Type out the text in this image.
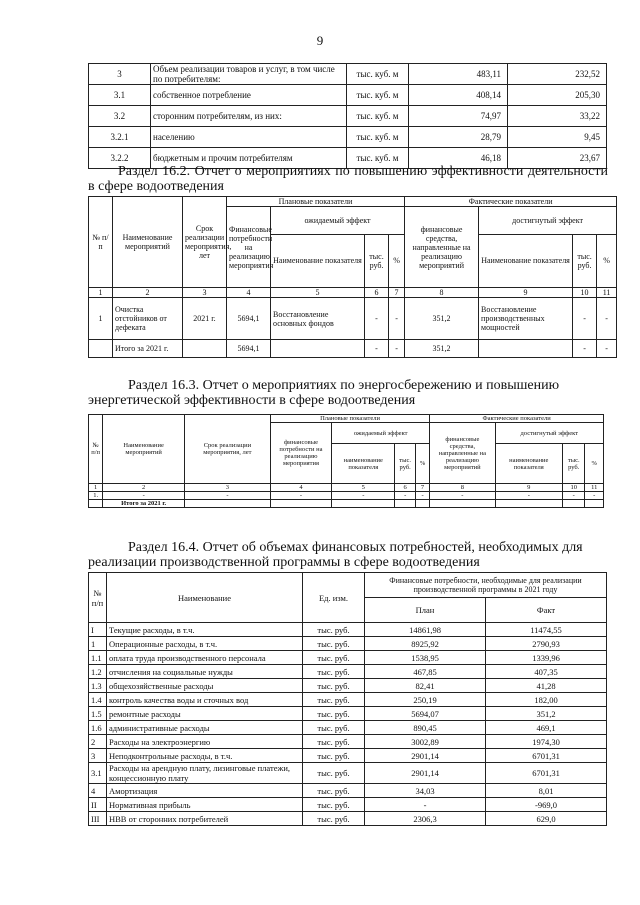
9
3	Объем реализации товаров и услуг, в том числе по потребителям:	тыс. куб. м	483,11	232,52
3.1	собственное потребление	тыс. куб. м	408,14	205,30
3.2	сторонним потребителям, из них:	тыс. куб. м	74,97	33,22
3.2.1	населению	тыс. куб. м	28,79	9,45
3.2.2	бюджетным и прочим потребителям	тыс. куб. м	46,18	23,67
Раздел 16.2. Отчет о мероприятиях по повышению эффективности деятельности в сфере водоотведения
№ п/п	Наименование мероприятий	Срок реализации мероприятия, лет	Плановые показатели				Фактические показатели			
			Финансовые потребности на реализацию мероприятия	ожидаемый эффект			финансовые средства, направленные на реализацию мероприятий	достигнутый эффект		
				Наименование показателя	тыс. руб.	%		Наименование показателя	тыс. руб.	%
1	2	3	4	5	6	7	8	9	10	11
1	Очистка отстойников от дефеката	2021 г.	5694,1	Восстановление основных фондов	-	-	351,2	Восстановление производственных мощностей	-	-
	Итого за 2021 г.		5694,1		-	-	351,2		-	-
Раздел 16.3. Отчет о мероприятиях по энергосбережению и повышению энергетической эффективности в сфере водоотведения
№ п/п	Наименование мероприятий	Срок реализации мероприятия, лет	Плановые показатели				Фактические показатели			
			финансовые потребности на реализацию мероприятия	ожидаемый эффект			финансовые средства, направленные на реализацию мероприятий	достигнутый эффект		
				наименование показателя	тыс. руб.	%		наименование показателя	тыс. руб.	%
1	2	3	4	5	6	7	8	9	10	11
1.	-	-	-	-	-	-	-	-	-	-
	Итого за 2021 г.									
Раздел 16.4. Отчет об объемах финансовых потребностей, необходимых для реализации производственной программы в сфере водоотведения
№ п/п	Наименование	Ед. изм.	Финансовые потребности, необходимые для реализации производственной программы в 2021 году	
			План	Факт
I	Текущие расходы, в т.ч.	тыс. руб.	14861,98	11474,55
1	Операционные расходы, в т.ч.	тыс. руб.	8925,92	2790,93
1.1	оплата труда производственного персонала	тыс. руб.	1538,95	1339,96
1.2	отчисления на социальные нужды	тыс. руб.	467,85	407,35
1.3	общехозяйственные расходы	тыс. руб.	82,41	41,28
1.4	контроль качества воды и сточных вод	тыс. руб.	250,19	182,00
1.5	ремонтные расходы	тыс. руб.	5694,07	351,2
1.6	административные расходы	тыс. руб.	890,45	469,1
2	Расходы на электроэнергию	тыс. руб.	3002,89	1974,30
3	Неподконтрольные расходы, в т.ч.	тыс. руб.	2901,14	6701,31
3.1	Расходы на арендную плату, лизинговые платежи, концессионную плату	тыс. руб.	2901,14	6701,31
4	Амортизация	тыс. руб.	34,03	8,01
II	Нормативная прибыль	тыс. руб.	-	-969,0
III	НВВ от сторонних потребителей	тыс. руб.	2306,3	629,0
